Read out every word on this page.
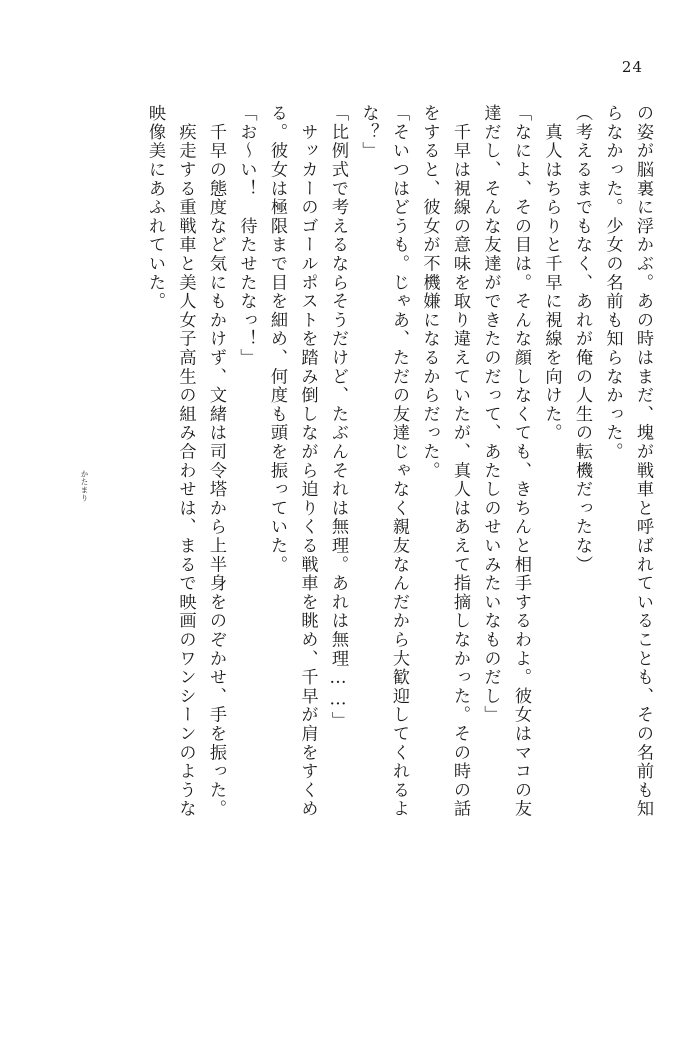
24
の姿が脳裏に浮かぶ。あの時はまだ、塊が戦車と呼ばれていることも、その名前も知
らなかった。少女の名前も知らなかった。
（考えるまでもなく、あれが俺の人生の転機だったな）
　真人はちらりと千早に視線を向けた。
「なによ、その目は。そんな顔しなくても、きちんと相手するわよ。彼女はマコの友
達だし、そんな友達ができたのだって、あたしのせいみたいなものだし」
　千早は視線の意味を取り違えていたが、真人はあえて指摘しなかった。その時の話
をすると、彼女が不機嫌になるからだった。
「そいつはどうも。じゃあ、ただの友達じゃなく親友なんだから大歓迎してくれるよ
な？」
「比例式で考えるならそうだけど、たぶんそれは無理。あれは無理……」
　サッカーのゴールポストを踏み倒しながら迫りくる戦車を眺め、千早が肩をすくめ
る。彼女は極限まで目を細め、何度も頭を振っていた。
「お～い！　待たせたなっ！」
　千早の態度など気にもかけず、文緒は司令塔から上半身をのぞかせ、手を振った。
　疾走する重戦車と美人女子高生の組み合わせは、まるで映画のワンシーンのような
映像美にあふれていた。
かたまり
